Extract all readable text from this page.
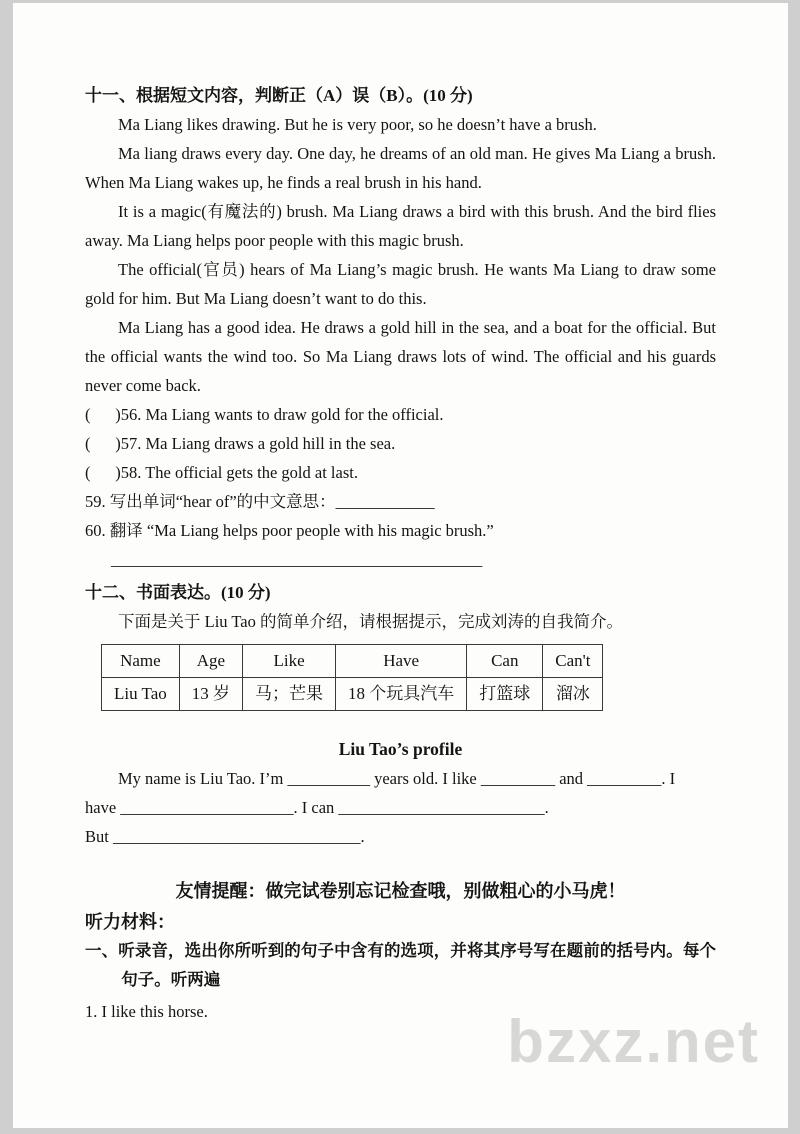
十一、根据短文内容，判断正（A）误（B）。(10 分)

Ma Liang likes drawing. But he is very poor, so he doesn’t have a brush.

Ma liang draws every day. One day, he dreams of an old man. He gives Ma Liang a brush. When Ma Liang wakes up, he finds a real brush in his hand.

It is a magic(有魔法的) brush. Ma Liang draws a bird with this brush. And the bird flies away. Ma Liang helps poor people with this magic brush.

The official(官员) hears of Ma Liang’s magic brush. He wants Ma Liang to draw some gold for him. But Ma Liang doesn’t want to do this.

Ma Liang has a good idea. He draws a gold hill in the sea, and a boat for the official. But the official wants the wind too. So Ma Liang draws lots of wind. The official and his guards never come back.

(      )56. Ma Liang wants to draw gold for the official.

(      )57. Ma Liang draws a gold hill in the sea.

(      )58. The official gets the gold at last.

59. 写出单词“hear of”的中文意思：____________

60. 翻译 “Ma Liang helps poor people with his magic brush.”

_____________________________________________

十二、书面表达。(10 分)

下面是关于 Liu Tao 的简单介绍，请根据提示，完成刘涛的自我简介。

Name	Age	Like	Have	Can	Can't
Liu Tao	13 岁	马；芒果	18 个玩具汽车	打篮球	溜冰
Liu Tao’s profile

My name is Liu Tao. I’m __________ years old. I like _________ and _________. I

have _____________________. I can _________________________.

But ______________________________.

友情提醒：做完试卷别忘记检查哦，别做粗心的小马虎！
听力材料：

一、听录音，选出你所听到的句子中含有的选项，并将其序号写在题前的括号内。每个句子。听两遍

1. I like this horse.	bzxz.net
